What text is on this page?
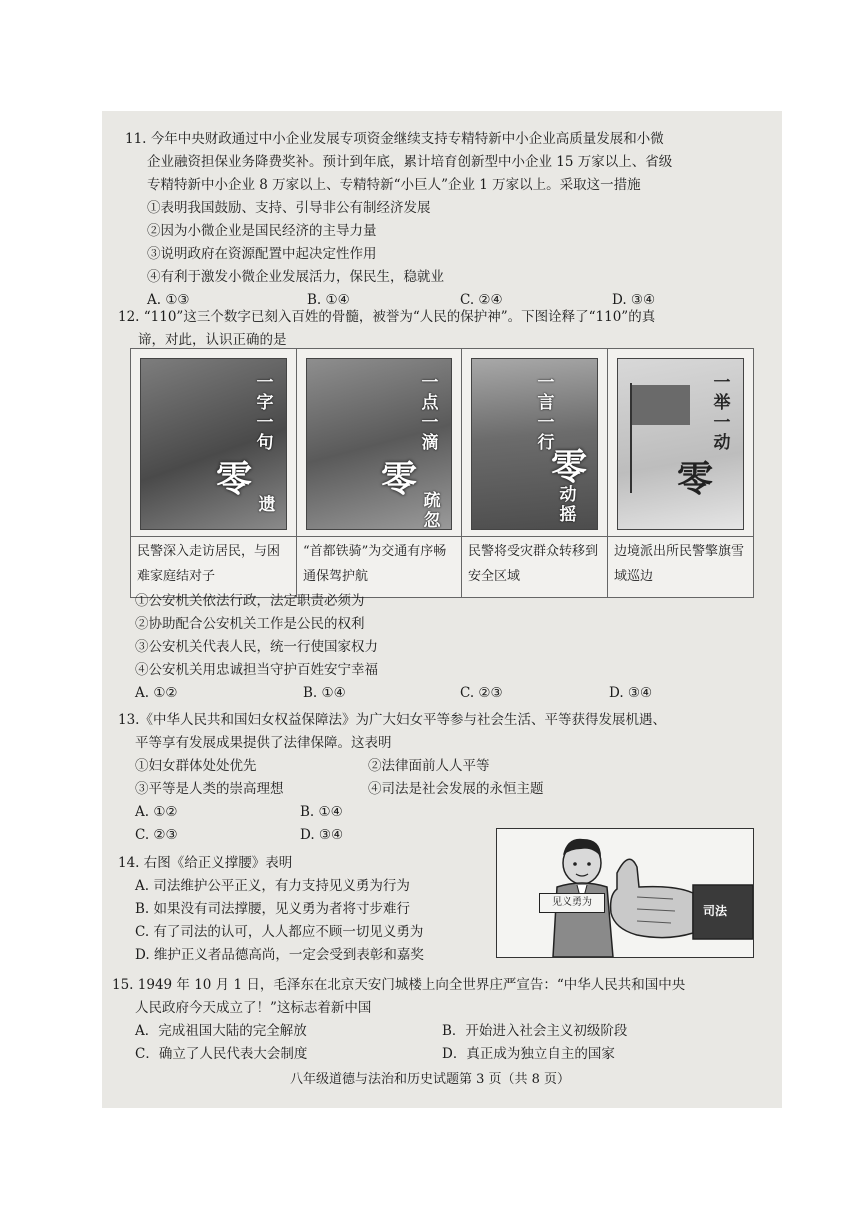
11. 今年中央财政通过中小企业发展专项资金继续支持专精特新中小企业高质量发展和小微
企业融资担保业务降费奖补。预计到年底，累计培育创新型中小企业 15 万家以上、省级
专精特新中小企业 8 万家以上、专精特新“小巨人”企业 1 万家以上。采取这一措施
①表明我国鼓励、支持、引导非公有制经济发展
②因为小微企业是国民经济的主导力量
③说明政府在资源配置中起决定性作用
④有利于激发小微企业发展活力，保民生，稳就业
A. ①③	B. ①④	C. ②④	D. ③④
12. “110”这三个数字已刻入百姓的骨髓，被誉为“人民的保护神”。下图诠释了“110”的真
谛，对此，认识正确的是
一字一句
零
遗
民警深入走访居民，与困难家庭结对子
一点一滴
零
疏忽
“首都铁骑”为交通有序畅通保驾护航
一言一行
零
动摇
民警将受灾群众转移到安全区域
一举一动
零
边境派出所民警擎旗雪域巡边
①公安机关依法行政，法定职责必须为
②协助配合公安机关工作是公民的权利
③公安机关代表人民，统一行使国家权力
④公安机关用忠诚担当守护百姓安宁幸福
A. ①②	B. ①④	C. ②③	D. ③④
13.《中华人民共和国妇女权益保障法》为广大妇女平等参与社会生活、平等获得发展机遇、
平等享有发展成果提供了法律保障。这表明
①妇女群体处处优先	②法律面前人人平等
③平等是人类的崇高理想	④司法是社会发展的永恒主题
A. ①②	B. ①④
C. ②③	D. ③④
14. 右图《给正义撑腰》表明
A. 司法维护公平正义，有力支持见义勇为行为
B. 如果没有司法撑腰，见义勇为者将寸步难行
C. 有了司法的认可，人人都应不顾一切见义勇为
D. 维护正义者品德高尚，一定会受到表彰和嘉奖
见义勇为
司法
15. 1949 年 10 月 1 日，毛泽东在北京天安门城楼上向全世界庄严宣告：“中华人民共和国中央
人民政府今天成立了！”这标志着新中国
A．完成祖国大陆的完全解放	B．开始进入社会主义初级阶段
C．确立了人民代表大会制度	D．真正成为独立自主的国家
八年级道德与法治和历史试题第 3 页（共 8 页）
